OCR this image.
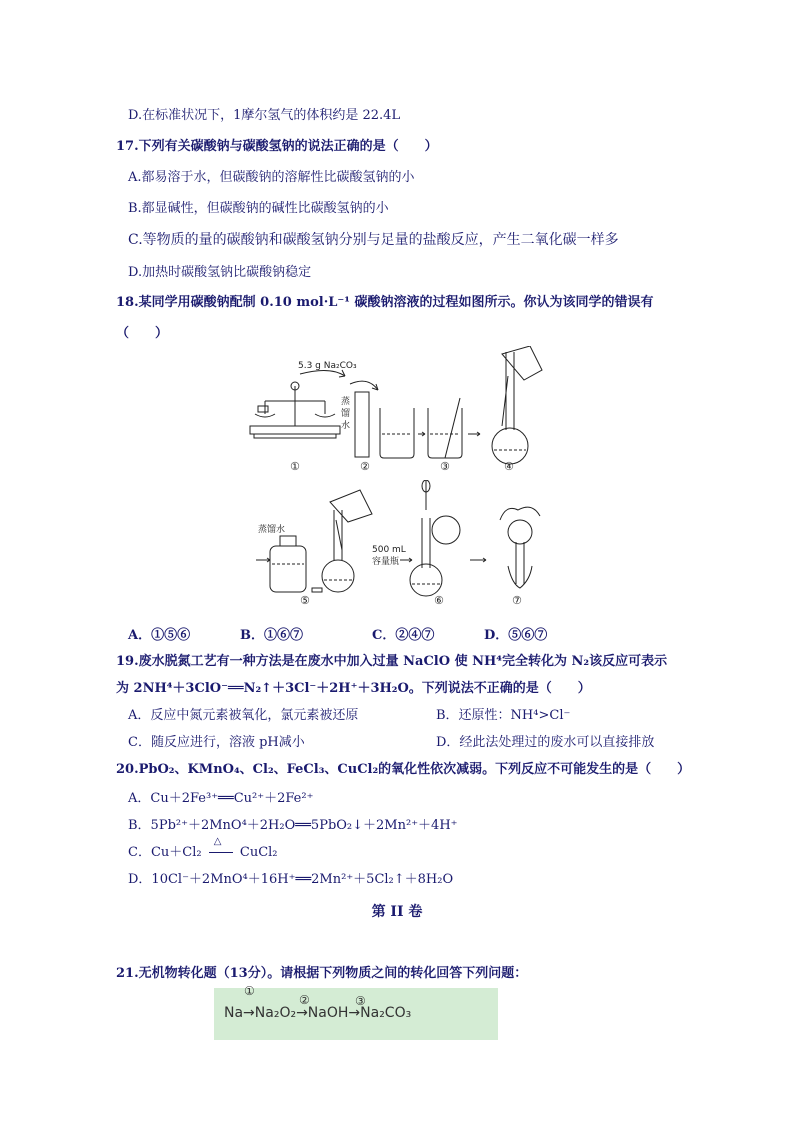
D.在标准状况下，1摩尔氢气的体积约是 22.4L
17.下列有关碳酸钠与碳酸氢钠的说法正确的是（　　）
A.都易溶于水，但碳酸钠的溶解性比碳酸氢钠的小
B.都显碱性，但碳酸钠的碱性比碳酸氢钠的小
C.等物质的量的碳酸钠和碳酸氢钠分别与足量的盐酸反应，产生二氧化碳一样多
D.加热时碳酸氢钠比碳酸钠稳定
18.某同学用碳酸钠配制 0.10 mol·L⁻¹ 碳酸钠溶液的过程如图所示。你认为该同学的错误有
（　　）
5.3 g Na₂CO₃
蒸
馏
水
①	②	③	④
蒸馏水
500 mL
容量瓶
⑤	⑥	⑦
A．①⑤⑥	B．①⑥⑦	C．②④⑦	D．⑤⑥⑦
19.废水脱氮工艺有一种方法是在废水中加入过量 NaClO 使 NH⁴完全转化为 N₂该反应可表示
为 2NH⁴＋3ClO⁻══N₂↑＋3Cl⁻＋2H⁺＋3H₂O。下列说法不正确的是（　　）
A．反应中氮元素被氧化，氯元素被还原	B．还原性：NH⁴>Cl⁻
C．随反应进行，溶液 pH减小	D．经此法处理过的废水可以直接排放
20.PbO₂、KMnO₄、Cl₂、FeCl₃、CuCl₂的氧化性依次减弱。下列反应不可能发生的是（　　）
A．Cu＋2Fe³⁺══Cu²⁺＋2Fe²⁺
B．5Pb²⁺＋2MnO⁴＋2H₂O══5PbO₂↓＋2Mn²⁺＋4H⁺
C．Cu＋Cl₂
△
CuCl₂
D．10Cl⁻＋2MnO⁴＋16H⁺══2Mn²⁺＋5Cl₂↑＋8H₂O
第 II 卷
21.无机物转化题（13分）。请根据下列物质之间的转化回答下列问题：
①
②	③
Na→Na₂O₂→NaOH→Na₂CO₃
